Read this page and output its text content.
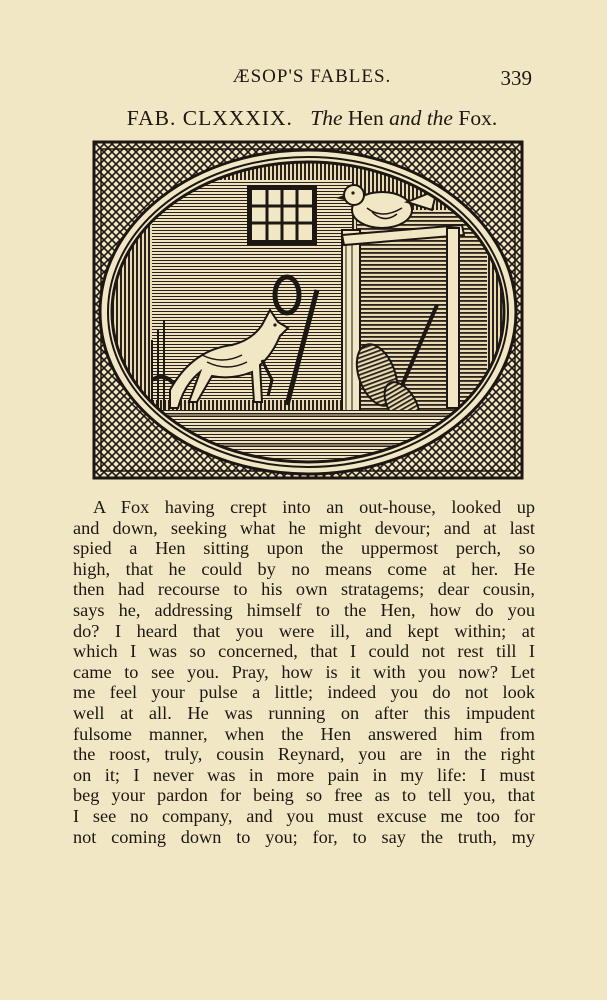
ÆSOP'S FABLES.	339
FAB. CLXXXIX. The Hen and the Fox.
A Fox having crept into an out-house, looked up
and down, seeking what he might devour; and at last
spied a Hen sitting upon the uppermost perch, so
high, that he could by no means come at her. He
then had recourse to his own stratagems; dear cousin,
says he, addressing himself to the Hen, how do you
do? I heard that you were ill, and kept within; at
which I was so concerned, that I could not rest till I
came to see you. Pray, how is it with you now? Let
me feel your pulse a little; indeed you do not look
well at all. He was running on after this impudent
fulsome manner, when the Hen answered him from
the roost, truly, cousin Reynard, you are in the right
on it; I never was in more pain in my life: I must
beg your pardon for being so free as to tell you, that
I see no company, and you must excuse me too for
not coming down to you; for, to say the truth, my
